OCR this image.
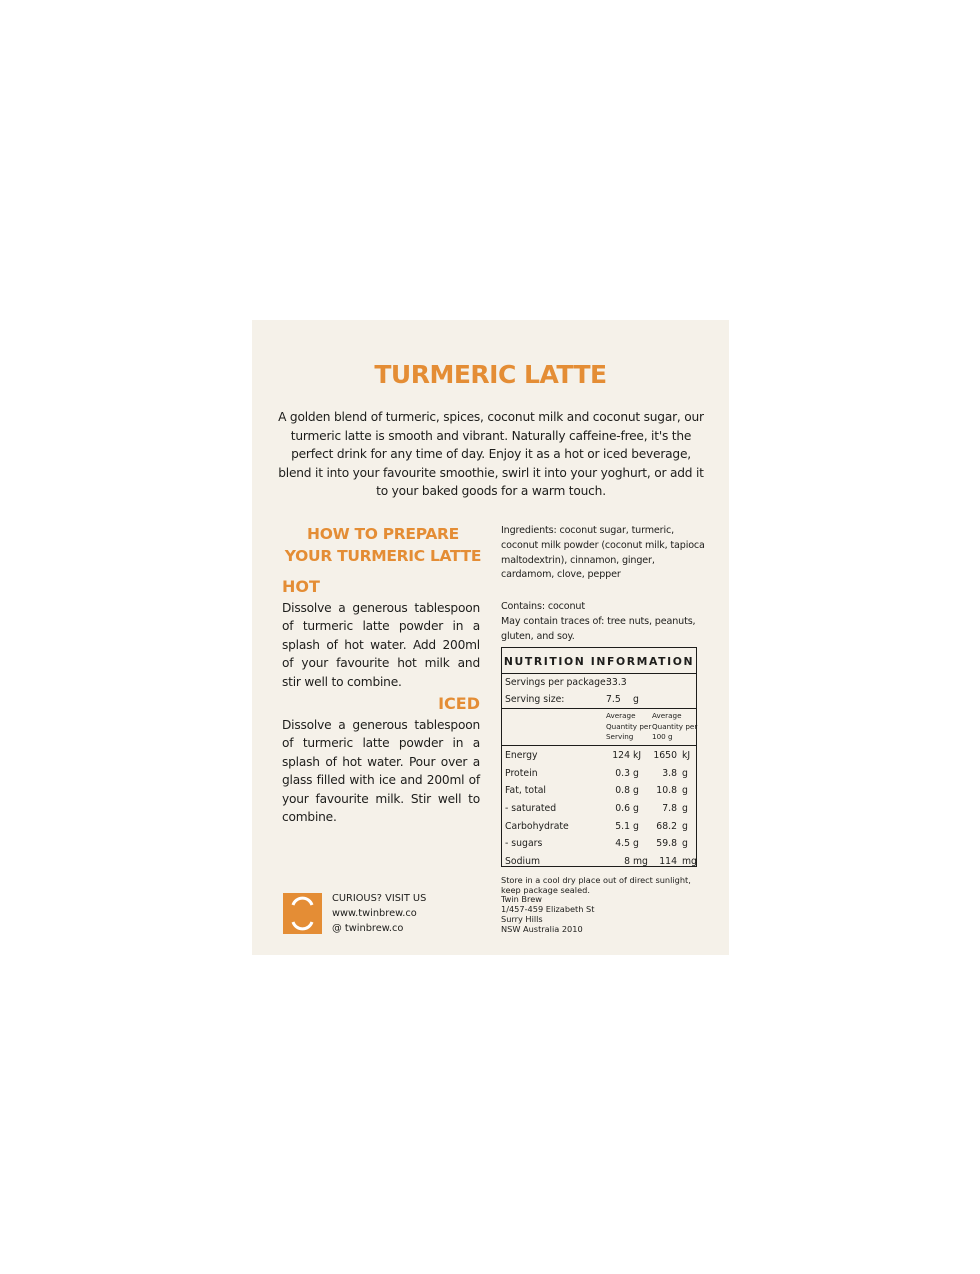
TURMERIC LATTE
A golden blend of turmeric, spices, coconut milk and coconut sugar, our turmeric latte is smooth and vibrant. Naturally caffeine-free, it's the perfect drink for any time of day. Enjoy it as a hot or iced beverage, blend it into your favourite smoothie, swirl it into your yoghurt, or add it to your baked goods for a warm touch.
HOW TO PREPARE
YOUR TURMERIC LATTE
HOT
Dissolve a generous tablespoon of turmeric latte powder in a splash of hot water. Add 200ml of your favourite hot milk and stir well to combine.
ICED
Dissolve a generous tablespoon of turmeric latte powder in a splash of hot water. Pour over a glass filled with ice and 200ml of your favourite milk. Stir well to combine.
Ingredients: coconut sugar, turmeric, coconut milk powder (coconut milk, tapioca maltodextrin), cinnamon, ginger, cardamom, clove, pepper
Contains: coconut
May contain traces of: tree nuts, peanuts, gluten, and soy.
NUTRITION INFORMATION
Servings per package:
33.3
Serving size:	7.5 g
Average Quantity per Serving
Average Quantity per 100 g
Energy	124 kJ 1650 kJ
Protein	0.3 g	3.8 g
Fat, total	0.8 g 10.8 g
- saturated	0.6 g	7.8 g
Carbohydrate	5.1 g 68.2 g
- sugars	4.5 g 59.8 g
Sodium	8 mg 114 mg
Store in a cool dry place out of direct sunlight,
keep package sealed.
Twin Brew
1/457-459 Elizabeth St
Surry Hills
NSW Australia 2010
CURIOUS? VISIT US
www.twinbrew.co
@ twinbrew.co
